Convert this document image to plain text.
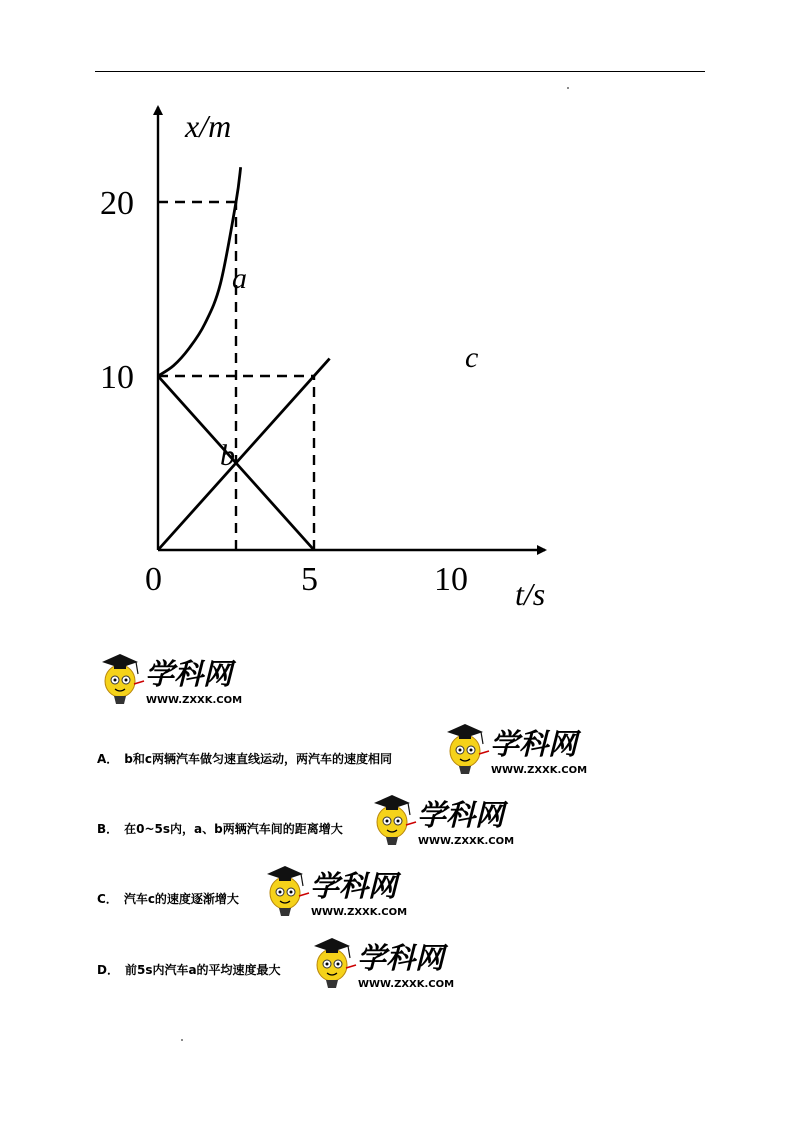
x/m
t/s
0	5	10
20
10
a
b
c
学科网
WWW.ZXXK.COM
A． b和c两辆汽车做匀速直线运动，两汽车的速度相同	学科网
WWW.ZXXK.COM
B． 在0~5s内，a、b两辆汽车间的距离增大	学科网
WWW.ZXXK.COM
C． 汽车c的速度逐渐增大 学科网
WWW.ZXXK.COM
D． 前5s内汽车a的平均速度最大	学科网
WWW.ZXXK.COM
